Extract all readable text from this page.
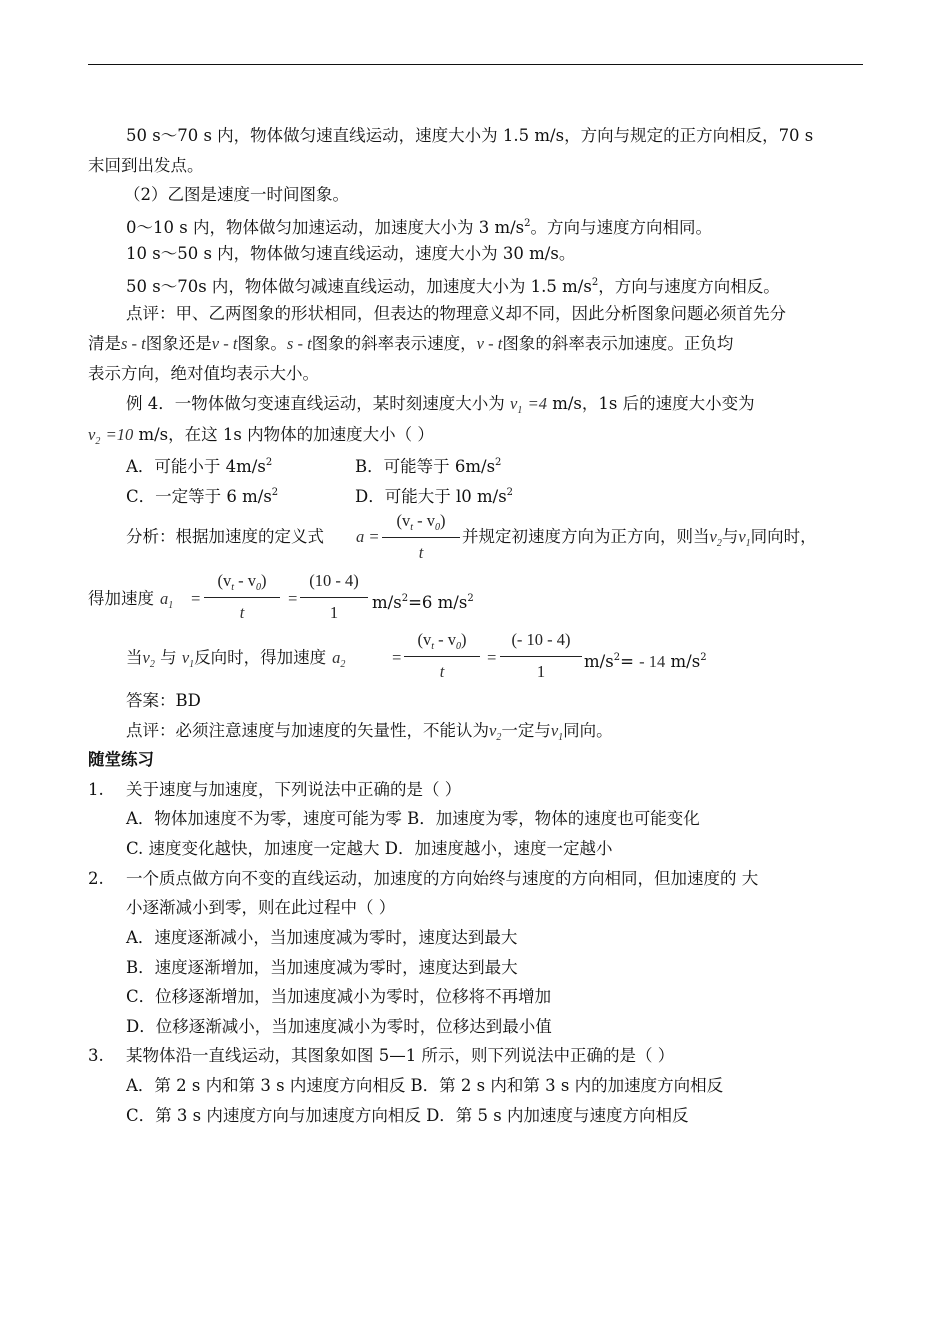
50 s～70 s 内，物体做匀速直线运动，速度大小为 1.5 m/s，方向与规定的正方向相反，70 s
末回到出发点。
（2）乙图是速度一时间图象。
0～10 s 内，物体做匀加速运动，加速度大小为 3 $m/s^2$。方向与速度方向相同。
10 s～50 s 内，物体做匀速直线运动，速度大小为 30 m/s。
50 s～70s 内，物体做匀减速直线运动，加速度大小为 1.5 $m/s^2$，方向与速度方向相反。
点评：甲、乙两图象的形状相同，但表达的物理意义却不同，因此分析图象问题必须首先分
清是s - t图象还是v - t图象。s - t图象的斜率表示速度，v - t图象的斜率表示加速度。正负均
表示方向，绝对值均表示大小。
例 4．一物体做匀变速直线运动，某时刻速度大小为 $v_1 =4$ m/s，1s 后的速度大小变为
$v_2 =10$ m/s，在这 1s 内物体的加速度大小（ ）
A．可能小于 $4m/s^2$	B．可能等于 $6m/s^2$
C．一定等于 6 $m/s^2$	D．可能大于 l0 $m/s^2$
分析：根据加速度的定义式 a =
$(v_t - v_0)$
t
并规定初速度方向为正方向，则当$v_2$与$v_1$同向时，
得加速度 $a_1$ =
$(v_t - v_0)$
t
=
(10 - 4)
1
$m/s^2=6$ $m/s^2$
当$v_2$ 与 $v_1$反向时，得加速度 $a_2$	=
$(v_t - v_0)$
t
=
(- 10 - 4)
1
$m/s^2= - 14$ $m/s^2$
答案：BD
点评：必须注意速度与加速度的矢量性，不能认为$v_2$一定与$v_1$同向。
随堂练习
1. 关于速度与加速度，下列说法中正确的是（ ）
A．物体加速度不为零，速度可能为零 B．加速度为零，物体的速度也可能变化
C. 速度变化越快，加速度一定越大 D．加速度越小，速度一定越小
2. 一个质点做方向不变的直线运动，加速度的方向始终与速度的方向相同，但加速度的 大
小逐渐减小到零，则在此过程中（ ）
A．速度逐渐减小，当加速度减为零时，速度达到最大
B．速度逐渐增加，当加速度减为零时，速度达到最大
C．位移逐渐增加，当加速度减小为零时，位移将不再增加
D．位移逐渐减小，当加速度减小为零时，位移达到最小值
3. 某物体沿一直线运动，其图象如图 5—1 所示，则下列说法中正确的是（ ）
A．第 2 s 内和第 3 s 内速度方向相反 B．第 2 s 内和第 3 s 内的加速度方向相反
C．第 3 s 内速度方向与加速度方向相反 D．第 5 s 内加速度与速度方向相反
